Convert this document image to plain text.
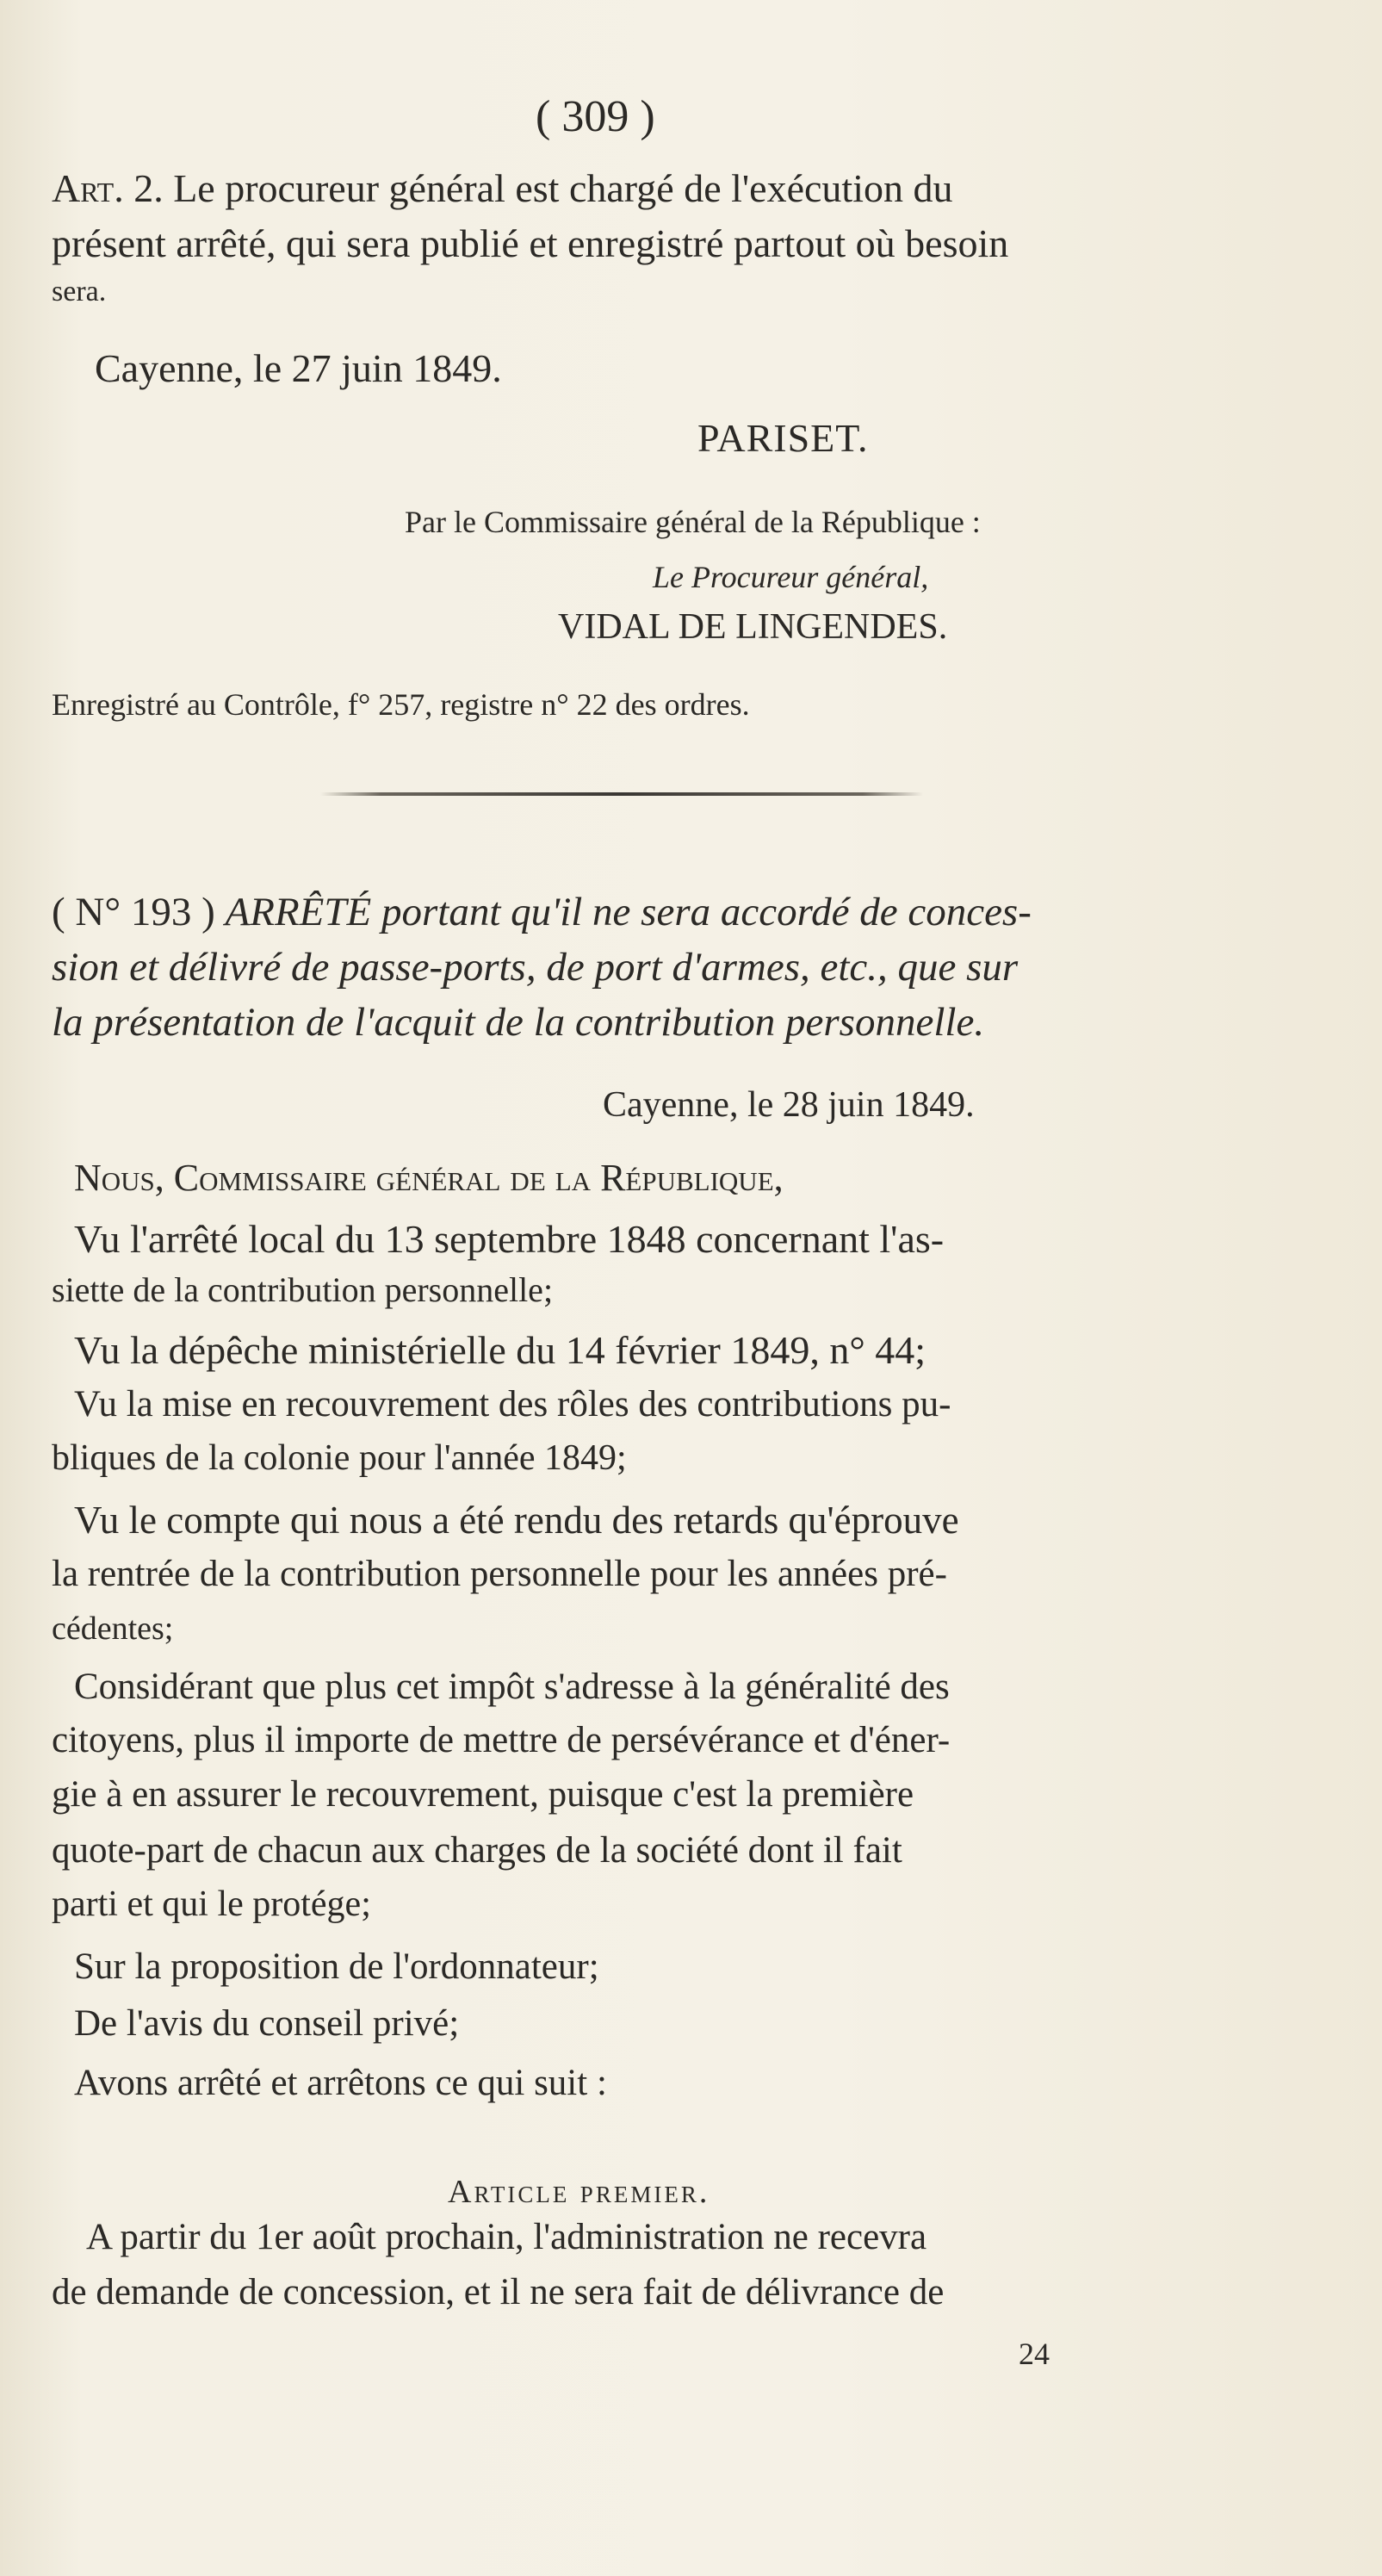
( 309 )
Art. 2. Le procureur général est chargé de l'exécution du
présent arrêté, qui sera publié et enregistré partout où besoin
sera.
Cayenne, le 27 juin 1849.
PARISET.
Par le Commissaire général de la République :
Le Procureur général,
VIDAL DE LINGENDES.
Enregistré au Contrôle, f° 257, registre n° 22 des ordres.
( N° 193 ) ARRÊTÉ portant qu'il ne sera accordé de conces-
sion et délivré de passe-ports, de port d'armes, etc., que sur
la présentation de l'acquit de la contribution personnelle.
Cayenne, le 28 juin 1849.
Nous, Commissaire général de la République,
Vu l'arrêté local du 13 septembre 1848 concernant l'as-
siette de la contribution personnelle;
Vu la dépêche ministérielle du 14 février 1849, n° 44;
Vu la mise en recouvrement des rôles des contributions pu-
bliques de la colonie pour l'année 1849;
Vu le compte qui nous a été rendu des retards qu'éprouve
la rentrée de la contribution personnelle pour les années pré-
cédentes;
Considérant que plus cet impôt s'adresse à la généralité des
citoyens, plus il importe de mettre de persévérance et d'éner-
gie à en assurer le recouvrement, puisque c'est la première
quote-part de chacun aux charges de la société dont il fait
parti et qui le protége;
Sur la proposition de l'ordonnateur;
De l'avis du conseil privé;
Avons arrêté et arrêtons ce qui suit :
Article premier.
A partir du 1er août prochain, l'administration ne recevra
de demande de concession, et il ne sera fait de délivrance de
24
